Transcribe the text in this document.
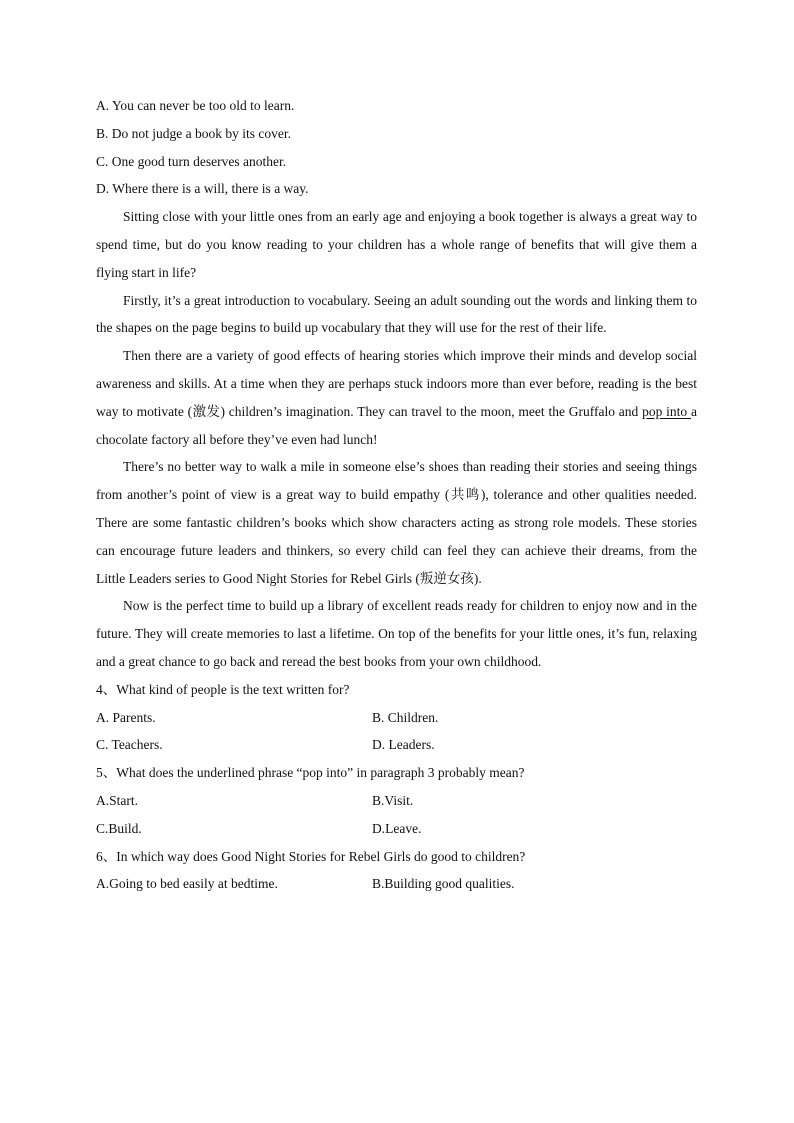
A. You can never be too old to learn.
B. Do not judge a book by its cover.
C. One good turn deserves another.
D. Where there is a will, there is a way.

Sitting close with your little ones from an early age and enjoying a book together is always a great way to spend time, but do you know reading to your children has a whole range of benefits that will give them a flying start in life?

Firstly, it’s a great introduction to vocabulary. Seeing an adult sounding out the words and linking them to the shapes on the page begins to build up vocabulary that they will use for the rest of their life.

Then there are a variety of good effects of hearing stories which improve their minds and develop social awareness and skills. At a time when they are perhaps stuck indoors more than ever before, reading is the best way to motivate (激发) children’s imagination. They can travel to the moon, meet the Gruffalo and pop into a chocolate factory all before they’ve even had lunch!

There’s no better way to walk a mile in someone else’s shoes than reading their stories and seeing things from another’s point of view is a great way to build empathy (共鸣), tolerance and other qualities needed. There are some fantastic children’s books which show characters acting as strong role models. These stories can encourage future leaders and thinkers, so every child can feel they can achieve their dreams, from the Little Leaders series to Good Night Stories for Rebel Girls (叛逆女孩).

Now is the perfect time to build up a library of excellent reads ready for children to enjoy now and in the future. They will create memories to last a lifetime. On top of the benefits for your little ones, it’s fun, relaxing and a great chance to go back and reread the best books from your own childhood.

4、What kind of people is the text written for?
A. Parents.	B. Children.
C. Teachers.	D. Leaders.
5、What does the underlined phrase “pop into” in paragraph 3 probably mean?
A.Start.	B.Visit.
C.Build.	D.Leave.
6、In which way does Good Night Stories for Rebel Girls do good to children?
A.Going to bed easily at bedtime.	B.Building good qualities.
